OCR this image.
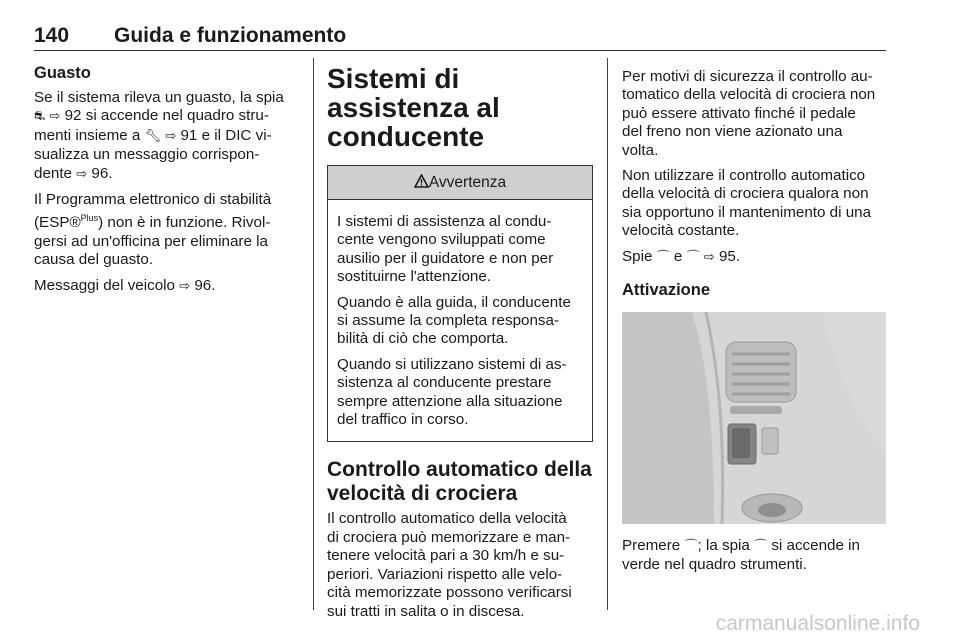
140 Guida e funzionamento
Guasto

Se il sistema rileva un guasto, la spia
⛐ ⇨ 92 si accende nel quadro stru-
menti insieme a 🔧︎ ⇨ 91 e il DIC vi-
sualizza un messaggio corrispon-
dente ⇨ 96.

Il Programma elettronico di stabilità
(ESP®$^{Plus}$) non è in funzione. Rivol-
gersi ad un'officina per eliminare la
causa del guasto.

Messaggi del veicolo ⇨ 96.

Sistemi di assistenza al
conducente
Avvertenza

I sistemi di assistenza al condu-
cente vengono sviluppati come
ausilio per il guidatore e non per
sostituirne l'attenzione.

Quando è alla guida, il conducente
si assume la completa responsa-
bilità di ciò che comporta.

Quando si utilizzano sistemi di as-
sistenza al conducente prestare
sempre attenzione alla situazione
del traffico in corso.

Controllo automatico della
velocità di crociera

Il controllo automatico della velocità
di crociera può memorizzare e man-
tenere velocità pari a 30 km/h e su-
periori. Variazioni rispetto alle velo-
cità memorizzate possono verificarsi
sui tratti in salita o in discesa.

Per motivi di sicurezza il controllo au-
tomatico della velocità di crociera non
può essere attivato finché il pedale
del freno non viene azionato una
volta.

Non utilizzare il controllo automatico
della velocità di crociera qualora non
sia opportuno il mantenimento di una
velocità costante.

Spie ⌒︎ e ⌒︎ ⇨ 95.

Attivazione

Premere ⌒︎; la spia ⌒︎ si accende in
verde nel quadro strumenti.

carmanualsonline.info
